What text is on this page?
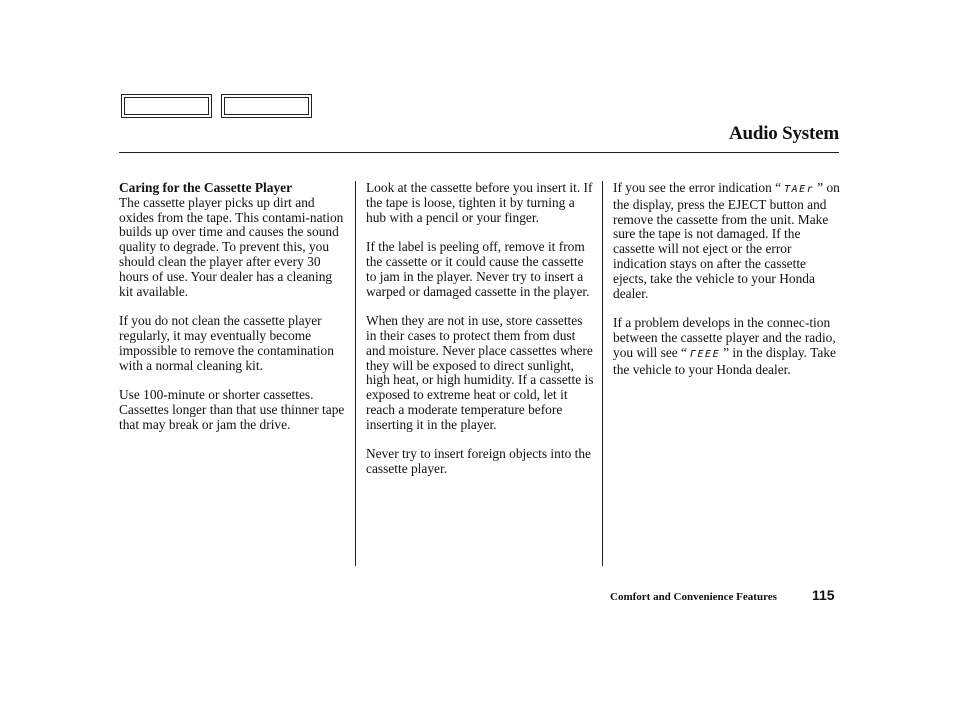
Audio System

Caring for the Cassette Player
The cassette player picks up dirt and oxides from the tape. This contami-nation builds up over time and causes the sound quality to degrade. To prevent this, you should clean the player after every 30 hours of use. Your dealer has a cleaning kit available.

If you do not clean the cassette player regularly, it may eventually become impossible to remove the contamination with a normal cleaning kit.

Use 100-minute or shorter cassettes. Cassettes longer than that use thinner tape that may break or jam the drive.

Look at the cassette before you insert it. If the tape is loose, tighten it by turning a hub with a pencil or your finger.

If the label is peeling off, remove it from the cassette or it could cause the cassette to jam in the player. Never try to insert a warped or damaged cassette in the player.

When they are not in use, store cassettes in their cases to protect them from dust and moisture. Never place cassettes where they will be exposed to direct sunlight, high heat, or high humidity. If a cassette is exposed to extreme heat or cold, let it reach a moderate temperature before inserting it in the player.

Never try to insert foreign objects into the cassette player.

If you see the error indication “ TAEr ” on the display, press the EJECT button and remove the cassette from the unit. Make sure the tape is not damaged. If the cassette will not eject or the error indication stays on after the cassette ejects, take the vehicle to your Honda dealer.

If a problem develops in the connec-tion between the cassette player and the radio, you will see “ ΓEEE ” in the display. Take the vehicle to your Honda dealer.

Comfort and Convenience Features	115
